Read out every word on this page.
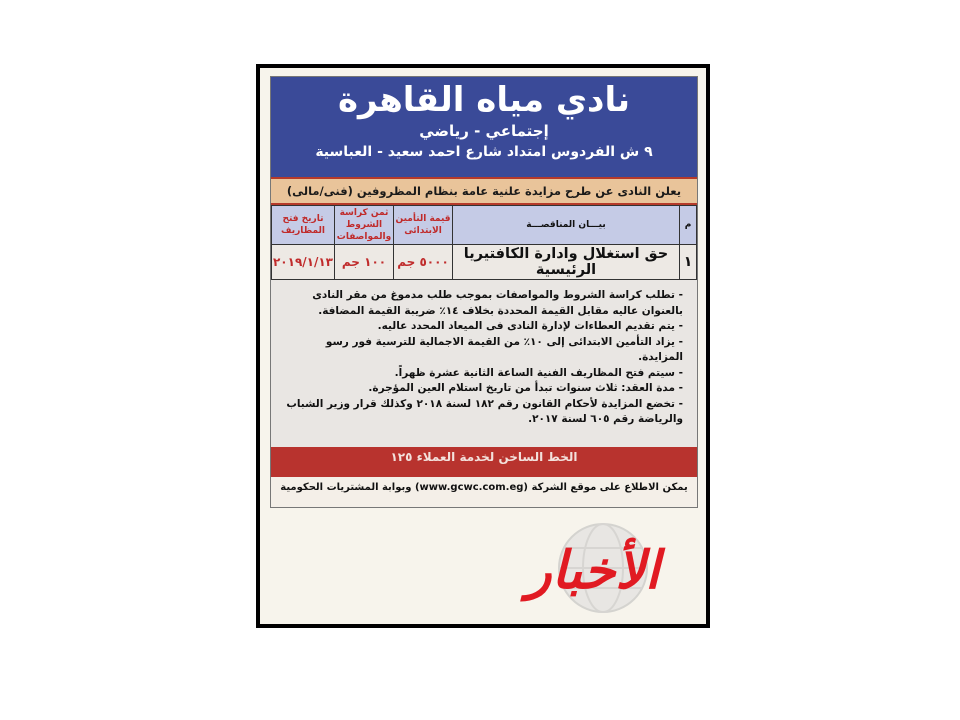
نادي مياه القاهرة
إجتماعي - رياضي
٩ ش الفردوس امتداد شارع احمد سعيد - العباسية
يعلن النادى عن طرح مزايدة علنية عامة بنظام المظروفين (فنى/مالى)
م	بيـــان المناقصـــة	قيمة التأمين الابتدائى	ثمن كراسة الشروط والمواصفات	تاريخ فتح المظاريف
١	حق استغلال وادارة الكافتيريا الرئيسية	٥٠٠٠ جم	١٠٠ جم	٢٠١٩/١/١٣

- تطلب كراسة الشروط والمواصفات بموجب طلب مدموغ من مقر النادى بالعنوان عاليه مقابل القيمة المحددة بخلاف ١٤٪ ضريبة القيمة المضافة.

- يتم تقديم العطاءات لإدارة النادى فى الميعاد المحدد عاليه.

- يزاد التأمين الابتدائى إلى ١٠٪ من القيمة الاجمالية للترسية فور رسو المزايدة.

- سيتم فتح المظاريف الفنية الساعة الثانية عشرة ظهراً.

- مدة العقد: ثلاث سنوات تبدأ من تاريخ استلام العين المؤجرة.

- تخضع المزايدة لأحكام القانون رقم ١٨٢ لسنة ٢٠١٨ وكذلك قرار وزير الشباب والرياضة رقم ٦٠٥ لسنة ٢٠١٧.

الخط الساخن لخدمة العملاء ١٢٥
يمكن الاطلاع على موقع الشركة (www.gcwc.com.eg) وبوابة المشتريات الحكومية
الأخبار
